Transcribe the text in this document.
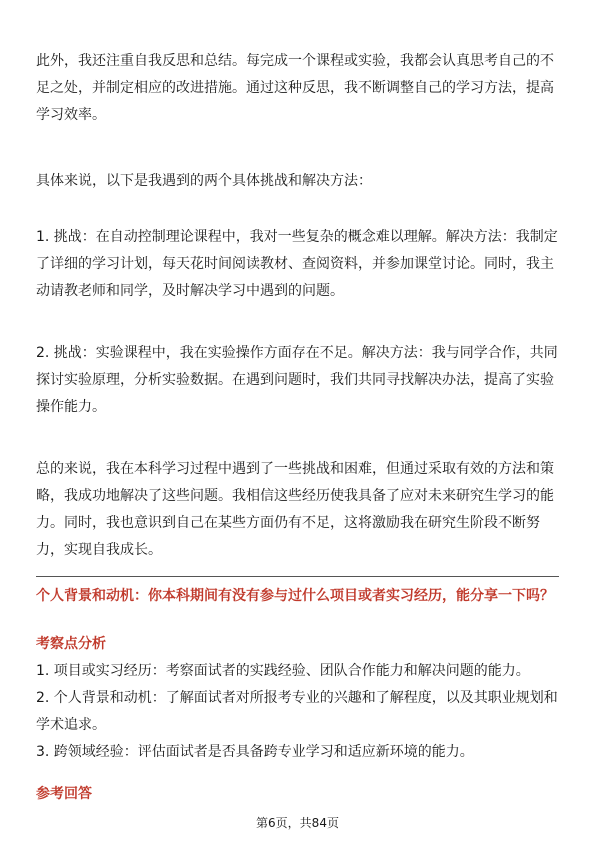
此外，我还注重自我反思和总结。每完成一个课程或实验，我都会认真思考自己的不足之处，并制定相应的改进措施。通过这种反思，我不断调整自己的学习方法，提高学习效率。

具体来说，以下是我遇到的两个具体挑战和解决方法：

1. 挑战：在自动控制理论课程中，我对一些复杂的概念难以理解。解决方法：我制定了详细的学习计划，每天花时间阅读教材、查阅资料，并参加课堂讨论。同时，我主动请教老师和同学，及时解决学习中遇到的问题。

2. 挑战：实验课程中，我在实验操作方面存在不足。解决方法：我与同学合作，共同探讨实验原理，分析实验数据。在遇到问题时，我们共同寻找解决办法，提高了实验操作能力。

总的来说，我在本科学习过程中遇到了一些挑战和困难，但通过采取有效的方法和策略，我成功地解决了这些问题。我相信这些经历使我具备了应对未来研究生学习的能力。同时，我也意识到自己在某些方面仍有不足，这将激励我在研究生阶段不断努力，实现自我成长。

个人背景和动机：你本科期间有没有参与过什么项目或者实习经历，能分享一下吗？

考察点分析

1. 项目或实习经历：考察面试者的实践经验、团队合作能力和解决问题的能力。
2. 个人背景和动机：了解面试者对所报考专业的兴趣和了解程度，以及其职业规划和学术追求。
3. 跨领域经验：评估面试者是否具备跨专业学习和适应新环境的能力。

参考回答

第6页，共84页
